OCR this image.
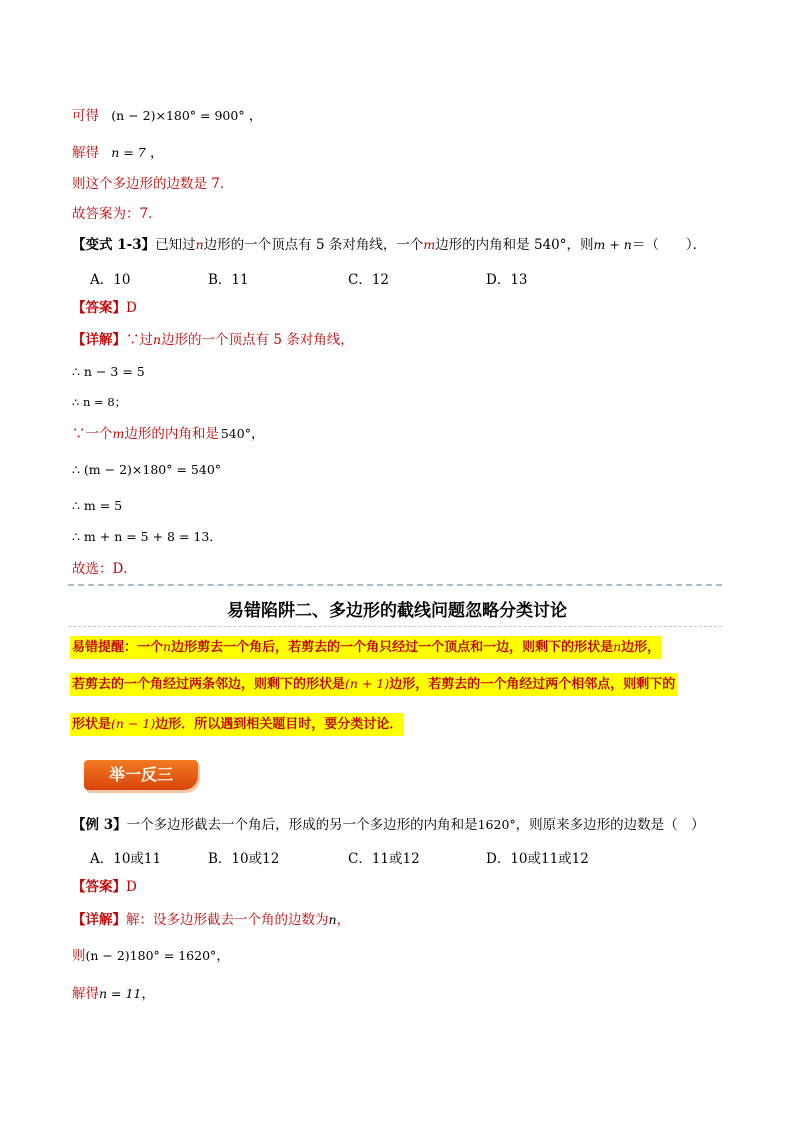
可得 (n − 2)×180° = 900° ，
解得 n = 7 ，
则这个多边形的边数是 7．
故答案为：7．
【变式 1-3】已知过n边形的一个顶点有 5 条对角线，一个m边形的内角和是 540°，则m + n＝（　　）．
A．10	B．11	C．12	D．13
【答案】D
【详解】∵过n边形的一个顶点有 5 条对角线，
∴ n − 3 = 5
∴ n = 8；
∵一个m边形的内角和是 540°，
∴ (m − 2)×180° = 540°
∴ m = 5
∴ m + n = 5 + 8 = 13．
故选：D．
易错陷阱二、多边形的截线问题忽略分类讨论
易错提醒：一个n边形剪去一个角后，若剪去的一个角只经过一个顶点和一边，则剩下的形状是n边形，
若剪去的一个角经过两条邻边，则剩下的形状是(n + 1)边形，若剪去的一个角经过两个相邻点，则剩下的
形状是(n − 1)边形．所以遇到相关题目时，要分类讨论．
举一反三
【例 3】一个多边形截去一个角后，形成的另一个多边形的内角和是1620°，则原来多边形的边数是（　）
A．10或11	B．10或12	C．11或12	D．10或11或12
【答案】D
【详解】解：设多边形截去一个角的边数为n，
则(n − 2)180° = 1620°，
解得n = 11，
